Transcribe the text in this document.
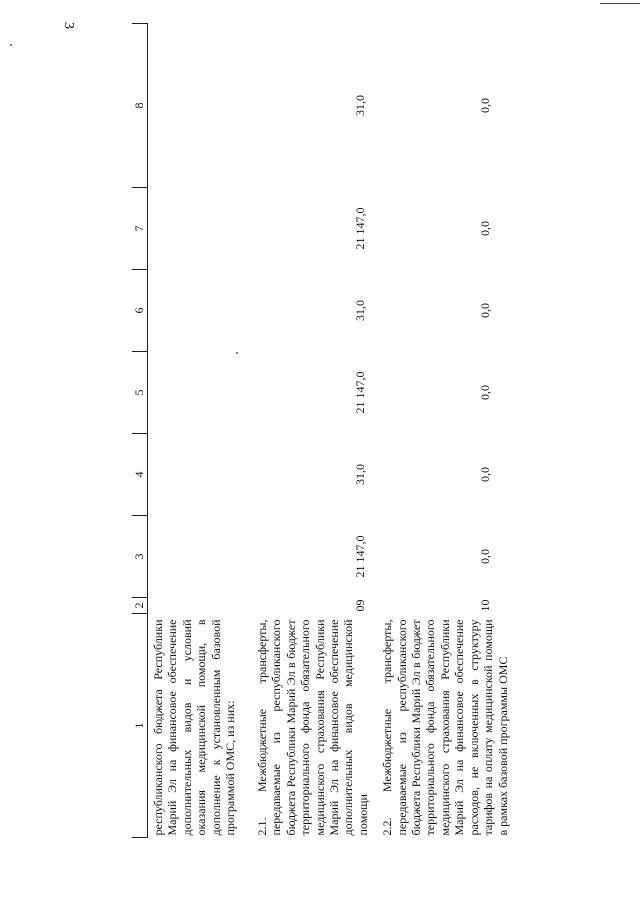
3
1	2	3	4	5	6	7	8
республиканского бюджета Республики Марий Эл на финансовое обеспечение дополнительных видов и условий оказания медицинской помощи, в дополнение к установленным базовой программой ОМС, из них:							
2.1. Межбюджетные трансферты, передаваемые из республиканского бюджета Республики Марий Эл в бюджет территориального фонда обязательного медицинского страхования Республики Марий Эл на финансовое обеспечение дополнительных видов медицинской помощи	09	21 147,0	31,0	21 147,0	31,0	21 147,0	31,0
2.2. Межбюджетные трансферты, передаваемые из республиканского бюджета Республики Марий Эл в бюджет территориального фонда обязательного медицинского страхования Республики Марий Эл на финансовое обеспечение расходов, не включенных в структуру тарифов на оплату медицинской помощи в рамках базовой программы ОМС	10	0,0	0,0	0,0	0,0	0,0	0,0
